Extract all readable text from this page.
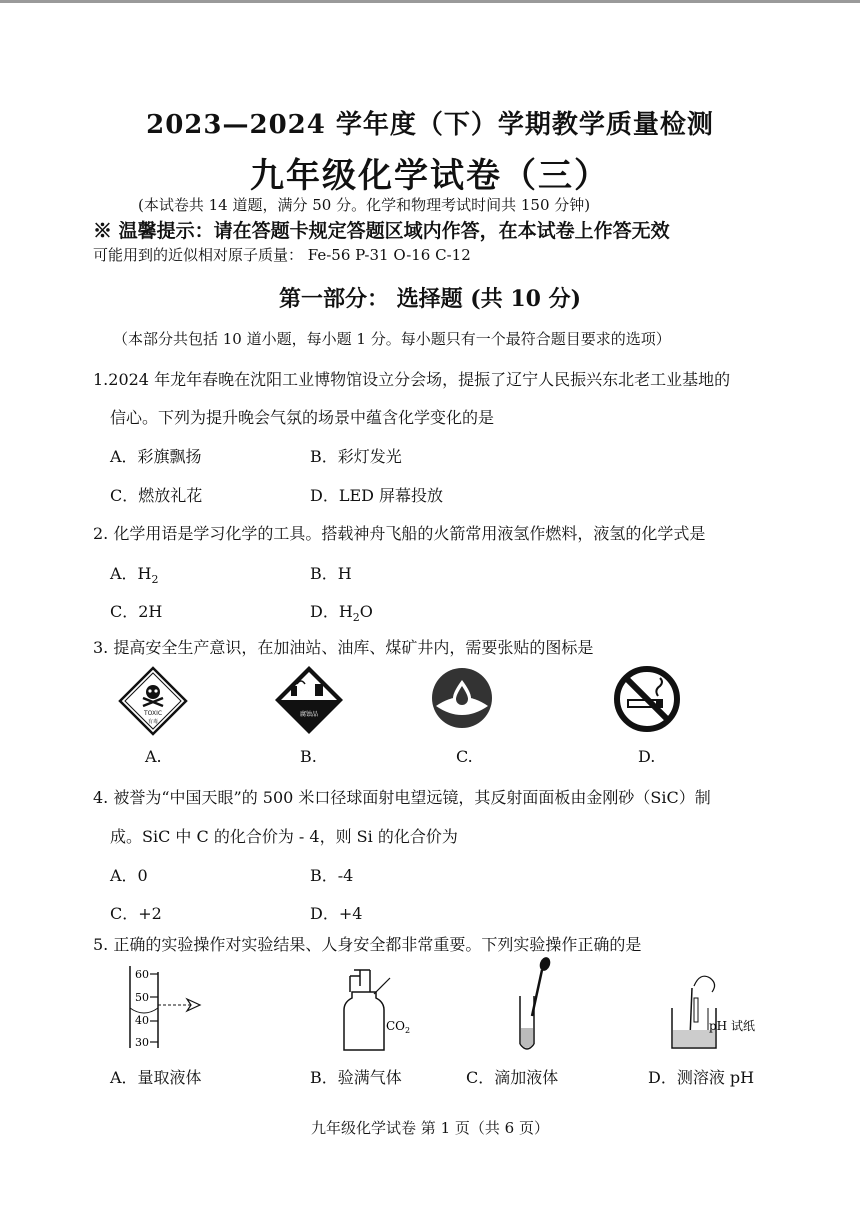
2023—2024 学年度（下）学期教学质量检测
九年级化学试卷（三）
(本试卷共 14 道题，满分 50 分。化学和物理考试时间共 150 分钟)
※ 温馨提示：请在答题卡规定答题区域内作答，在本试卷上作答无效
可能用到的近似相对原子质量： Fe-56 P-31 O-16 C-12
第一部分： 选择题 (共 10 分)
（本部分共包括 10 道小题，每小题 1 分。每小题只有一个最符合题目要求的选项）
1.2024 年龙年春晚在沈阳工业博物馆设立分会场，提振了辽宁人民振兴东北老工业基地的
信心。下列为提升晚会气氛的场景中蕴含化学变化的是
A．彩旗飘扬	B．彩灯发光
C．燃放礼花	D．LED 屏幕投放
2. 化学用语是学习化学的工具。搭载神舟飞船的火箭常用液氢作燃料，液氢的化学式是
A．$H_2$	B．H
C．2H	D．$H_2O$
3. 提高安全生产意识，在加油站、油库、煤矿井内，需要张贴的图标是
TOXIC
有毒
腐蚀品
A.	B.	C.	D.
4. 被誉为“中国天眼”的 500 米口径球面射电望远镜，其反射面面板由金刚砂（SiC）制
成。SiC 中 C 的化合价为 - 4，则 Si 的化合价为
A．0	B．-4
C．+2	D．+4
5. 正确的实验操作对实验结果、人身安全都非常重要。下列实验操作正确的是
60
50
40
30
$CO_2$	pH 试纸
A．量取液体	B．验满气体	C．滴加液体	D．测溶液 pH
九年级化学试卷 第 1 页（共 6 页）
